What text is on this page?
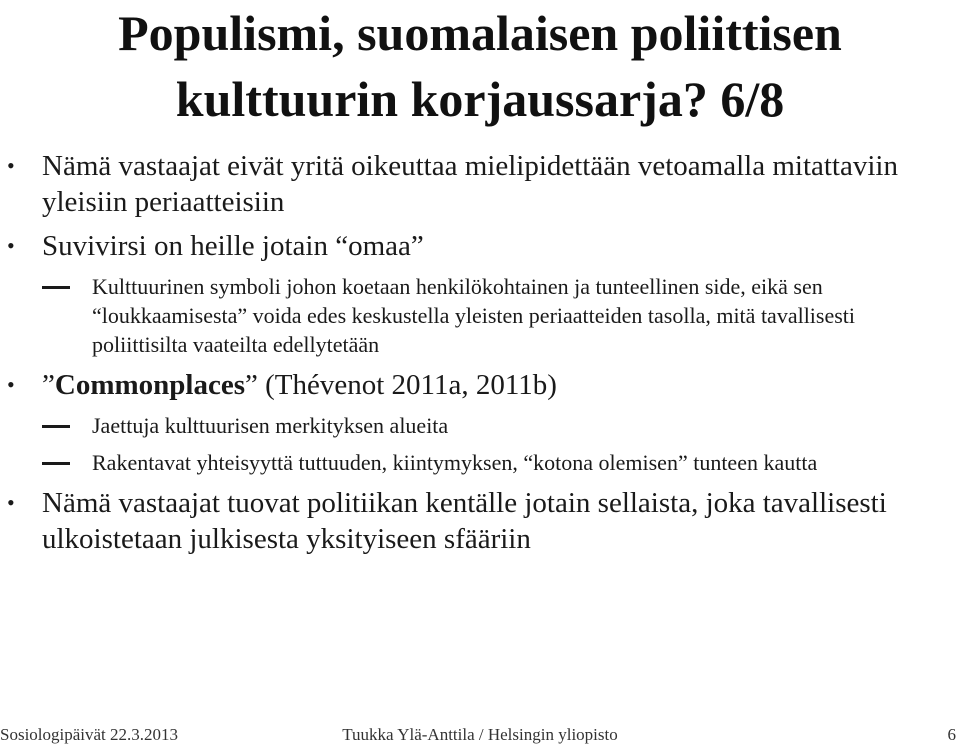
Populismi, suomalaisen poliittisen
kulttuurin korjaussarja? 6/8
• Nämä vastaajat eivät yritä oikeuttaa mielipidettään vetoamalla mitattaviin yleisiin periaatteisiin
• Suvivirsi on heille jotain “omaa”
Kulttuurinen symboli johon koetaan henkilökohtainen ja tunteellinen side, eikä sen “loukkaamisesta” voida edes keskustella yleisten periaatteiden tasolla, mitä tavallisesti poliittisilta vaateilta edellytetään
• ”Commonplaces” (Thévenot 2011a, 2011b)
Jaettuja kulttuurisen merkityksen alueita
Rakentavat yhteisyyttä tuttuuden, kiintymyksen, “kotona olemisen” tunteen kautta
• Nämä vastaajat tuovat politiikan kentälle jotain sellaista, joka tavallisesti ulkoistetaan julkisesta yksityiseen sfääriin
Sosiologipäivät 22.3.2013	Tuukka Ylä-Anttila / Helsingin yliopisto	6
